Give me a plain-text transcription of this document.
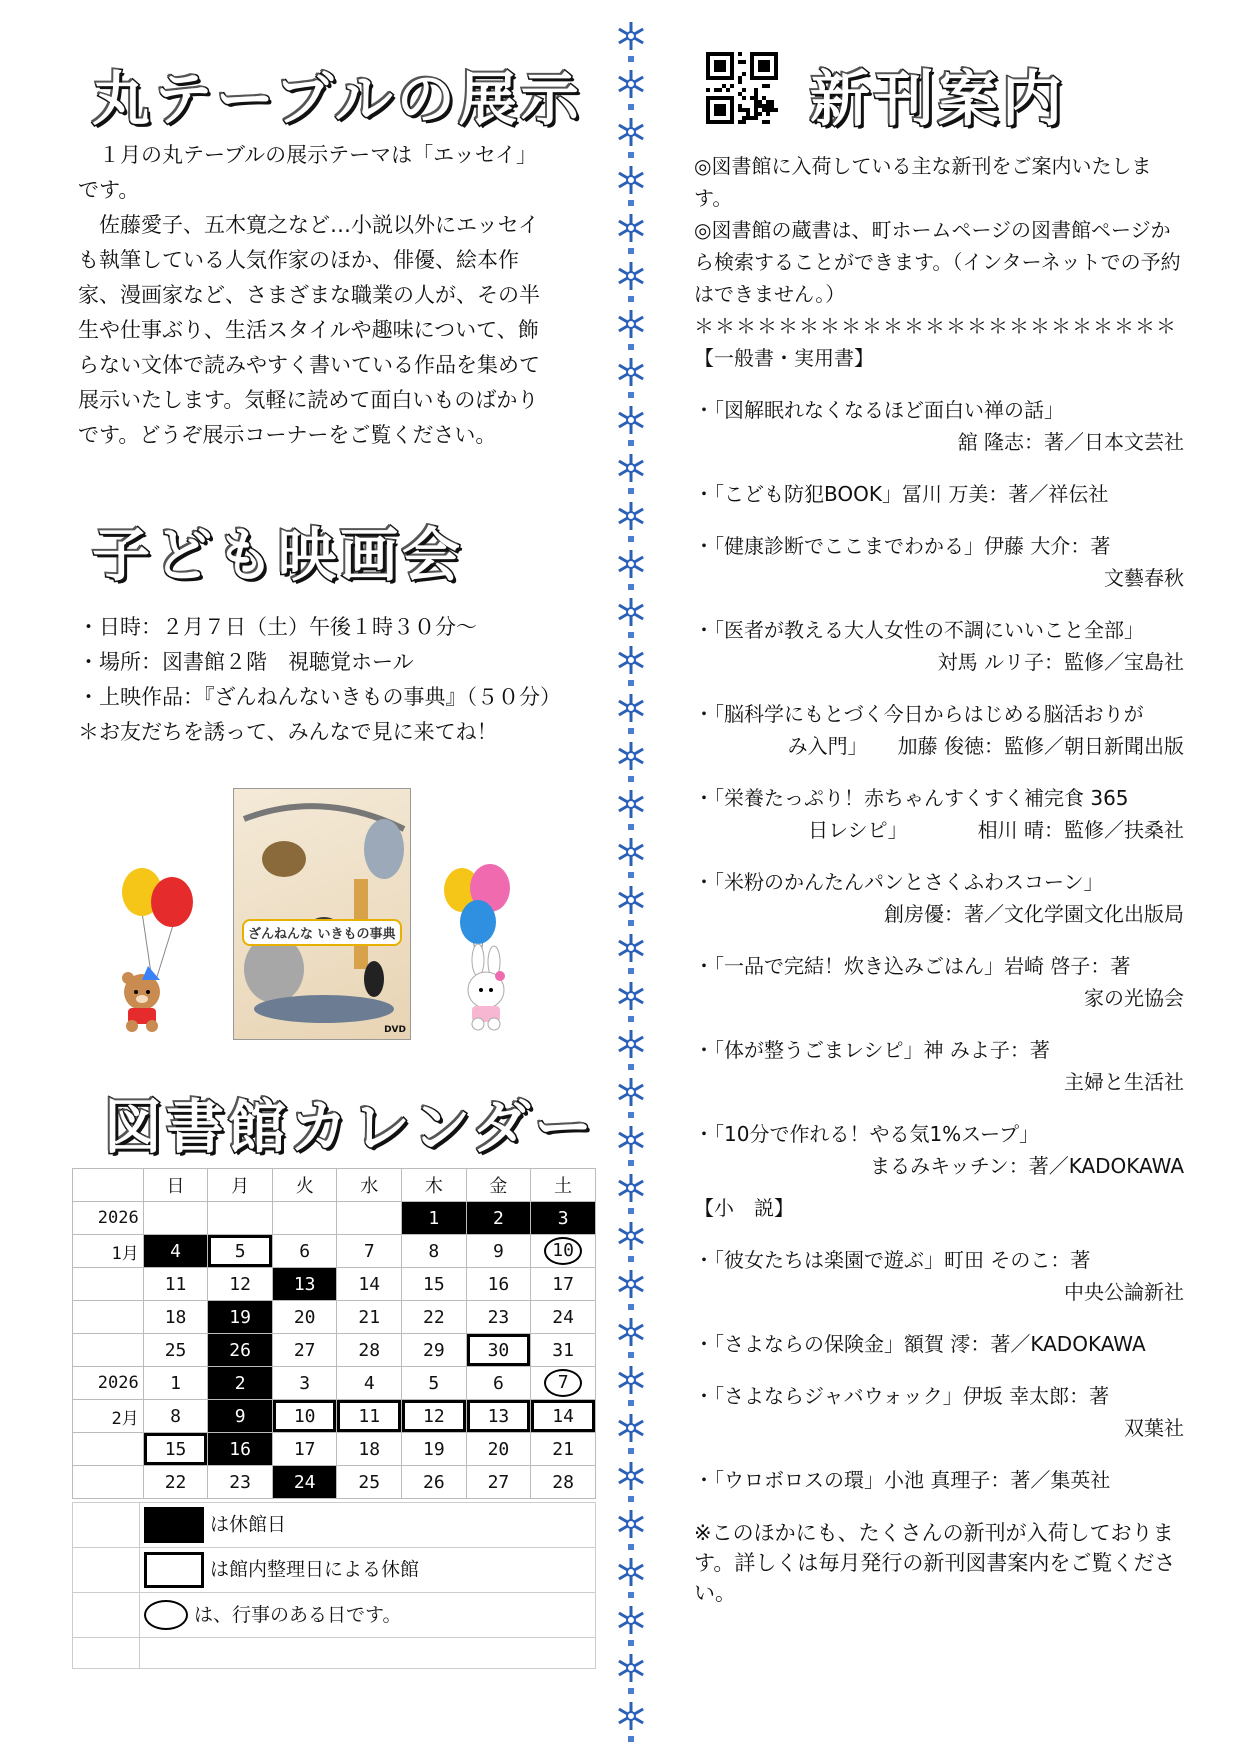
丸テーブルの展示

１月の丸テーブルの展示テーマは「エッセイ」です。

佐藤愛子、五木寛之など…小説以外にエッセイも執筆している人気作家のほか、俳優、絵本作家、漫画家など、さまざまな職業の人が、その半生や仕事ぶり、生活スタイルや趣味について、飾らない文体で読みやすく書いている作品を集めて展示いたします。気軽に読めて面白いものばかりです。どうぞ展示コーナーをご覧ください。

子ども映画会
・日時：２月７日（土）午後１時３０分～
・場所：図書館２階　視聴覚ホール
・上映作品：『ざんねんないきもの事典』（５０分）
＊お友だちを誘って、みんなで見に来てね！
ざんねんな いきもの事典
DVD
図書館カレンダー
	日	月	火	水	木	金	土
2026					1	2	3
1月	4	5	6	7	8	9	10
	11	12	13	14	15	16	17
	18	19	20	21	22	23	24
	25	26	27	28	29	30	31
2026	1	2	3	4	5	6	7
2月	8	9	10	11	12	13	14
	15	16	17	18	19	20	21
	22	23	24	25	26	27	28
	は休館日
	は館内整理日による休館
	は、行事のある日です。

新刊案内
◎図書館に入荷している主な新刊をご案内いたします。
◎図書館の蔵書は、町ホームページの図書館ページから検索することができます。（インターネットでの予約はできません。）
＊＊＊＊＊＊＊＊＊＊＊＊＊＊＊＊＊＊＊＊＊＊＊
【一般書・実用書】
・「図解眠れなくなるほど面白い禅の話」
舘 隆志：著／日本文芸社
・「こども防犯BOOK」冨川 万美：著／祥伝社
・「健康診断でここまでわかる」伊藤 大介：著
文藝春秋
・「医者が教える大人女性の不調にいいこと全部」
対馬 ルリ子：監修／宝島社
・「脳科学にもとづく今日からはじめる脳活おりが
み入門」　　加藤 俊徳：監修／朝日新聞出版
・「栄養たっぷり！赤ちゃんすくすく補完食 365
日レシピ」　　　　相川 晴：監修／扶桑社
・「米粉のかんたんパンとさくふわスコーン」
創房優：著／文化学園文化出版局
・「一品で完結！炊き込みごはん」岩崎 啓子：著
家の光協会
・「体が整うごまレシピ」神 みよ子：著
主婦と生活社
・「10分で作れる！やる気1%スープ」
まるみキッチン：著／KADOKAWA
【小　説】
・「彼女たちは楽園で遊ぶ」町田 そのこ：著
中央公論新社
・「さよならの保険金」額賀 澪：著／KADOKAWA
・「さよならジャバウォック」伊坂 幸太郎：著
双葉社
・「ウロボロスの環」小池 真理子：著／集英社
※このほかにも、たくさんの新刊が入荷しております。詳しくは毎月発行の新刊図書案内をご覧ください。
